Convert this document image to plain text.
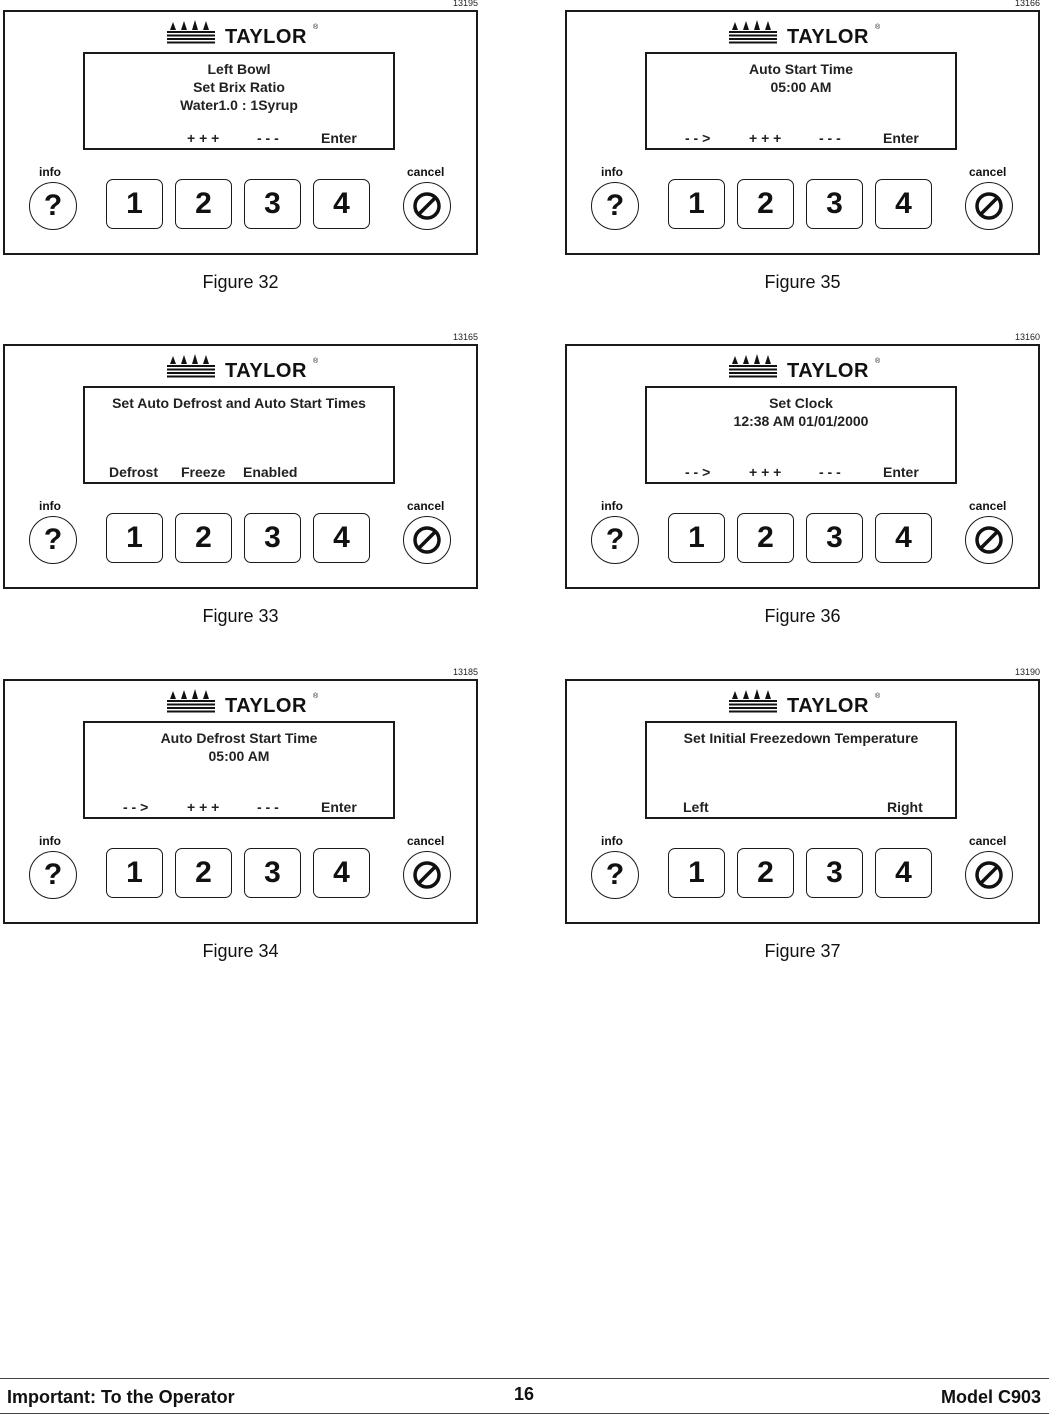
13195
TAYLOR ®
Left Bowl
Set Brix Ratio
Water1.0 : 1Syrup
+ + +	- - -	Enter
info	cancel
?	1	2	3	4
Figure 32
13166
TAYLOR ®
Auto Start Time
05:00 AM
- - >	+ + +	- - -	Enter
info	cancel
?	1	2	3	4
Figure 35
13165
TAYLOR ®
Set Auto Defrost and Auto Start Times
Defrost Freeze Enabled
info	cancel
?	1	2	3	4
Figure 33
13160
TAYLOR ®
Set Clock
12:38 AM 01/01/2000
- - >	+ + +	- - -	Enter
info	cancel
?	1	2	3	4
Figure 36
13185
TAYLOR ®
Auto Defrost Start Time
05:00 AM
- - >	+ + +	- - -	Enter
info	cancel
?	1	2	3	4
Figure 34
13190
TAYLOR ®
Set Initial Freezedown Temperature
Left	Right
info	cancel
?	1	2	3	4
Figure 37
Important: To the Operator	16	Model C903
